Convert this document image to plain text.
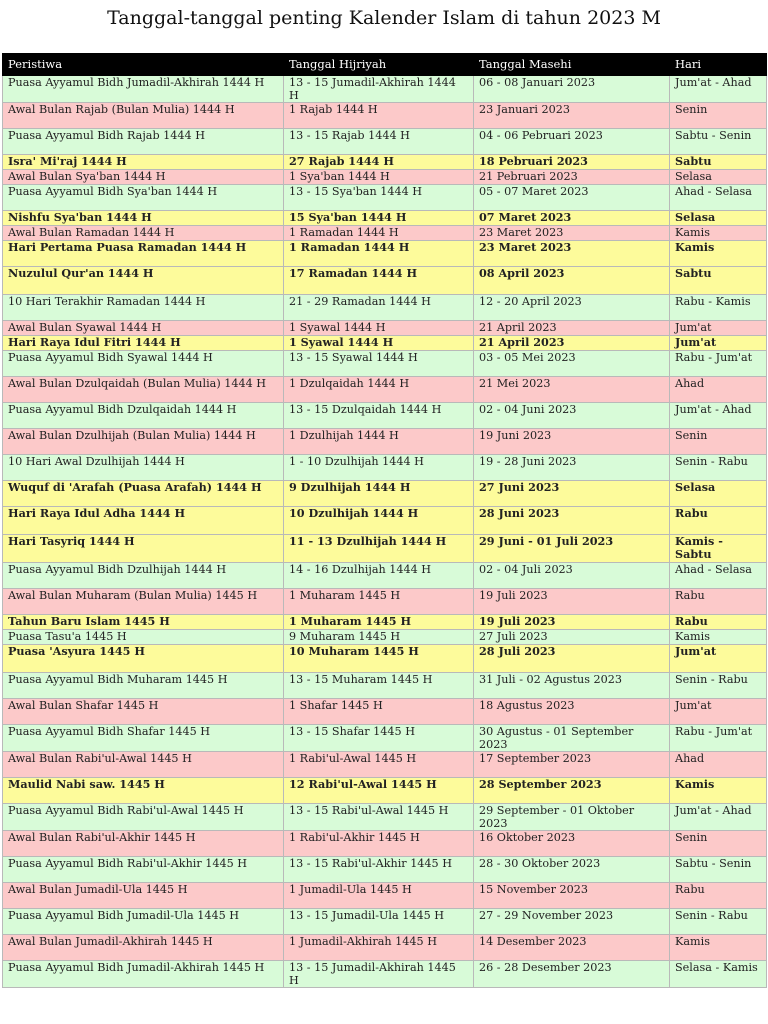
Tanggal-tanggal penting Kalender Islam di tahun 2023 M
Peristiwa	Tanggal Hijriyah	Tanggal Masehi	Hari
Puasa Ayyamul Bidh Jumadil-Akhirah 1444 H	13 - 15 Jumadil-Akhirah 1444 H	06 - 08 Januari 2023	Jum'at - Ahad
Awal Bulan Rajab (Bulan Mulia) 1444 H	1 Rajab 1444 H	23 Januari 2023	Senin
Puasa Ayyamul Bidh Rajab 1444 H	13 - 15 Rajab 1444 H	04 - 06 Pebruari 2023	Sabtu - Senin
Isra' Mi'raj 1444 H	27 Rajab 1444 H	18 Pebruari 2023	Sabtu
Awal Bulan Sya'ban 1444 H	1 Sya'ban 1444 H	21 Pebruari 2023	Selasa
Puasa Ayyamul Bidh Sya'ban 1444 H	13 - 15 Sya'ban 1444 H	05 - 07 Maret 2023	Ahad - Selasa
Nishfu Sya'ban 1444 H	15 Sya'ban 1444 H	07 Maret 2023	Selasa
Awal Bulan Ramadan 1444 H	1 Ramadan 1444 H	23 Maret 2023	Kamis
Hari Pertama Puasa Ramadan 1444 H	1 Ramadan 1444 H	23 Maret 2023	Kamis
Nuzulul Qur'an 1444 H	17 Ramadan 1444 H	08 April 2023	Sabtu
10 Hari Terakhir Ramadan 1444 H	21 - 29 Ramadan 1444 H	12 - 20 April 2023	Rabu - Kamis
Awal Bulan Syawal 1444 H	1 Syawal 1444 H	21 April 2023	Jum'at
Hari Raya Idul Fitri 1444 H	1 Syawal 1444 H	21 April 2023	Jum'at
Puasa Ayyamul Bidh Syawal 1444 H	13 - 15 Syawal 1444 H	03 - 05 Mei 2023	Rabu - Jum'at
Awal Bulan Dzulqaidah (Bulan Mulia) 1444 H	1 Dzulqaidah 1444 H	21 Mei 2023	Ahad
Puasa Ayyamul Bidh Dzulqaidah 1444 H	13 - 15 Dzulqaidah 1444 H	02 - 04 Juni 2023	Jum'at - Ahad
Awal Bulan Dzulhijah (Bulan Mulia) 1444 H	1 Dzulhijah 1444 H	19 Juni 2023	Senin
10 Hari Awal Dzulhijah 1444 H	1 - 10 Dzulhijah 1444 H	19 - 28 Juni 2023	Senin - Rabu
Wuquf di 'Arafah (Puasa Arafah) 1444 H	9 Dzulhijah 1444 H	27 Juni 2023	Selasa
Hari Raya Idul Adha 1444 H	10 Dzulhijah 1444 H	28 Juni 2023	Rabu
Hari Tasyriq 1444 H	11 - 13 Dzulhijah 1444 H	29 Juni - 01 Juli 2023	Kamis - Sabtu
Puasa Ayyamul Bidh Dzulhijah 1444 H	14 - 16 Dzulhijah 1444 H	02 - 04 Juli 2023	Ahad - Selasa
Awal Bulan Muharam (Bulan Mulia) 1445 H	1 Muharam 1445 H	19 Juli 2023	Rabu
Tahun Baru Islam 1445 H	1 Muharam 1445 H	19 Juli 2023	Rabu
Puasa Tasu'a 1445 H	9 Muharam 1445 H	27 Juli 2023	Kamis
Puasa 'Asyura 1445 H	10 Muharam 1445 H	28 Juli 2023	Jum'at
Puasa Ayyamul Bidh Muharam 1445 H	13 - 15 Muharam 1445 H	31 Juli - 02 Agustus 2023	Senin - Rabu
Awal Bulan Shafar 1445 H	1 Shafar 1445 H	18 Agustus 2023	Jum'at
Puasa Ayyamul Bidh Shafar 1445 H	13 - 15 Shafar 1445 H	30 Agustus - 01 September 2023	Rabu - Jum'at
Awal Bulan Rabi'ul-Awal 1445 H	1 Rabi'ul-Awal 1445 H	17 September 2023	Ahad
Maulid Nabi saw. 1445 H	12 Rabi'ul-Awal 1445 H	28 September 2023	Kamis
Puasa Ayyamul Bidh Rabi'ul-Awal 1445 H	13 - 15 Rabi'ul-Awal 1445 H	29 September - 01 Oktober 2023	Jum'at - Ahad
Awal Bulan Rabi'ul-Akhir 1445 H	1 Rabi'ul-Akhir 1445 H	16 Oktober 2023	Senin
Puasa Ayyamul Bidh Rabi'ul-Akhir 1445 H	13 - 15 Rabi'ul-Akhir 1445 H	28 - 30 Oktober 2023	Sabtu - Senin
Awal Bulan Jumadil-Ula 1445 H	1 Jumadil-Ula 1445 H	15 November 2023	Rabu
Puasa Ayyamul Bidh Jumadil-Ula 1445 H	13 - 15 Jumadil-Ula 1445 H	27 - 29 November 2023	Senin - Rabu
Awal Bulan Jumadil-Akhirah 1445 H	1 Jumadil-Akhirah 1445 H	14 Desember 2023	Kamis
Puasa Ayyamul Bidh Jumadil-Akhirah 1445 H	13 - 15 Jumadil-Akhirah 1445 H	26 - 28 Desember 2023	Selasa - Kamis
